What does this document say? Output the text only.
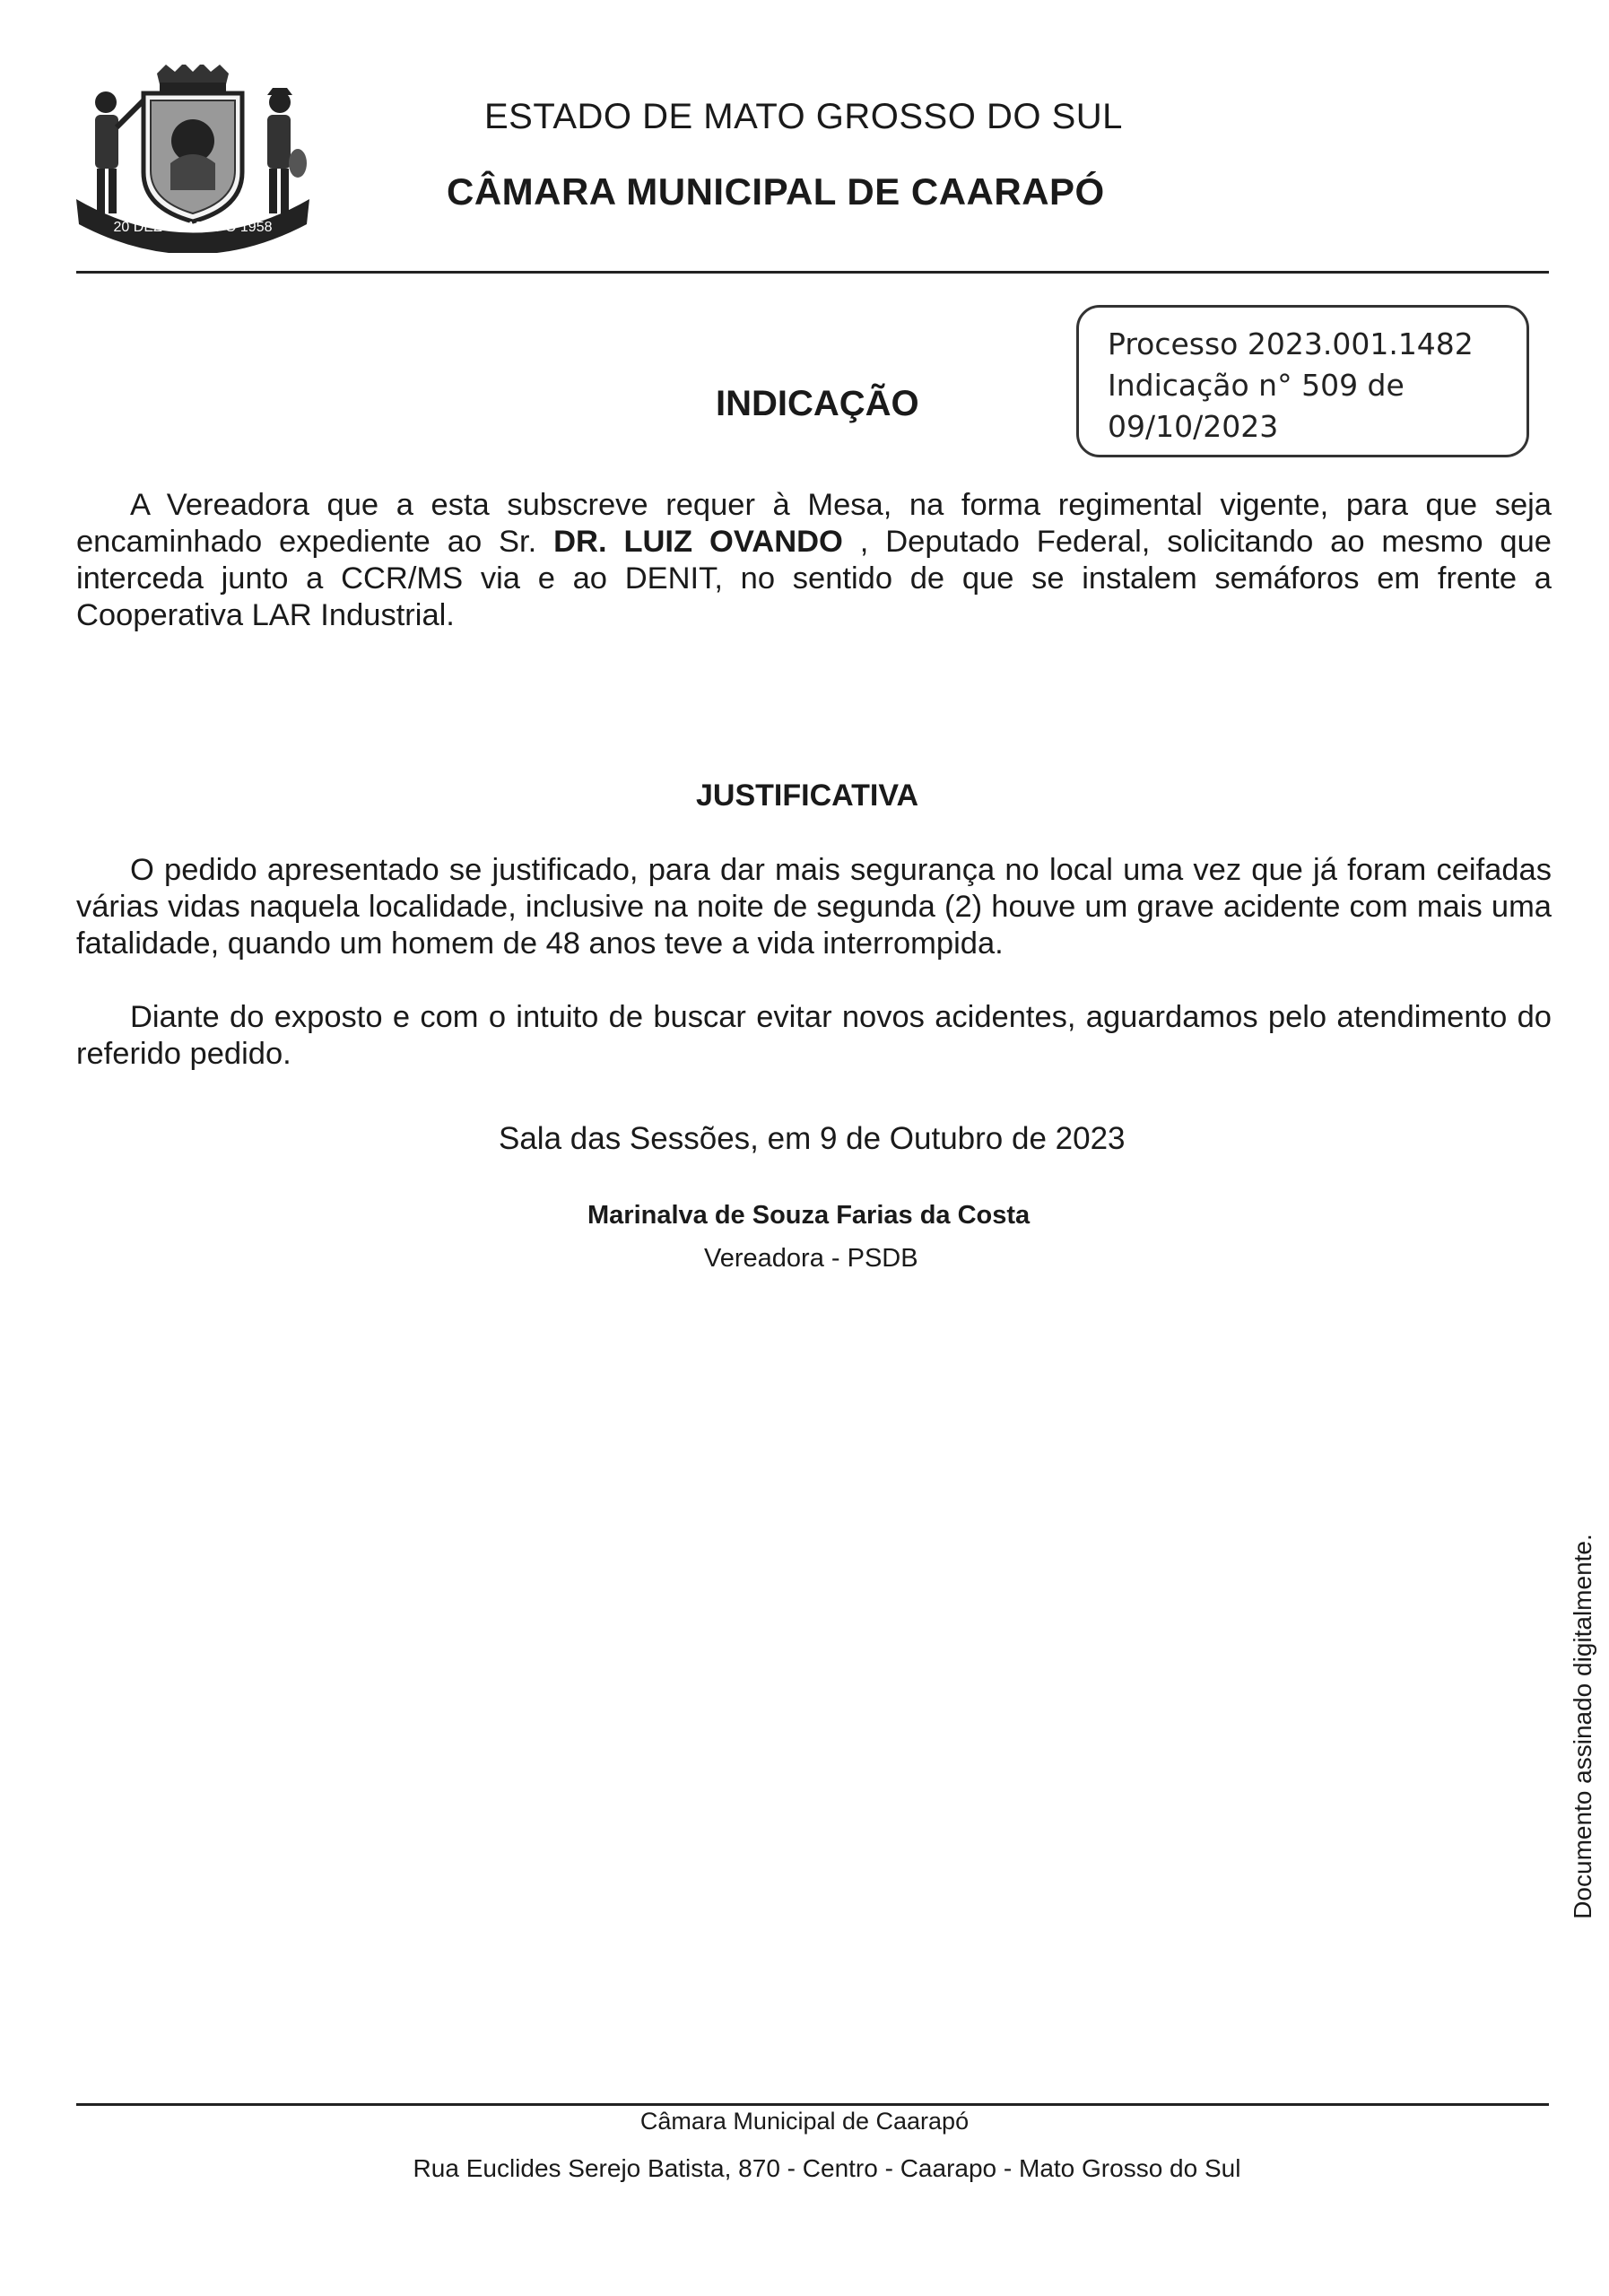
20 DEZ CAARAPÓ 1958
ESTADO DE MATO GROSSO DO SUL
CÂMARA MUNICIPAL DE CAARAPÓ
Processo 2023.001.1482
Indicação n° 509 de
09/10/2023
INDICAÇÃO
A Vereadora que a esta subscreve requer à Mesa, na forma regimental vigente, para que seja encaminhado expediente ao Sr. DR. LUIZ OVANDO , Deputado Federal, solicitando ao mesmo que interceda junto a CCR/MS via e ao DENIT, no sentido de que se instalem semáforos em frente a Cooperativa LAR Industrial.
JUSTIFICATIVA
O pedido apresentado se justificado, para dar mais segurança no local uma vez que já foram ceifadas várias vidas naquela localidade, inclusive na noite de segunda (2) houve um grave acidente com mais uma fatalidade, quando um homem de 48 anos teve a vida interrompida.
Diante do exposto e com o intuito de buscar evitar novos acidentes, aguardamos pelo atendimento do referido pedido.
Sala das Sessões, em 9 de Outubro de 2023
Marinalva de Souza Farias da Costa
Vereadora - PSDB
Documento assinado digitalmente.
Câmara Municipal de Caarapó
Rua Euclides Serejo Batista, 870 - Centro - Caarapo - Mato Grosso do Sul
